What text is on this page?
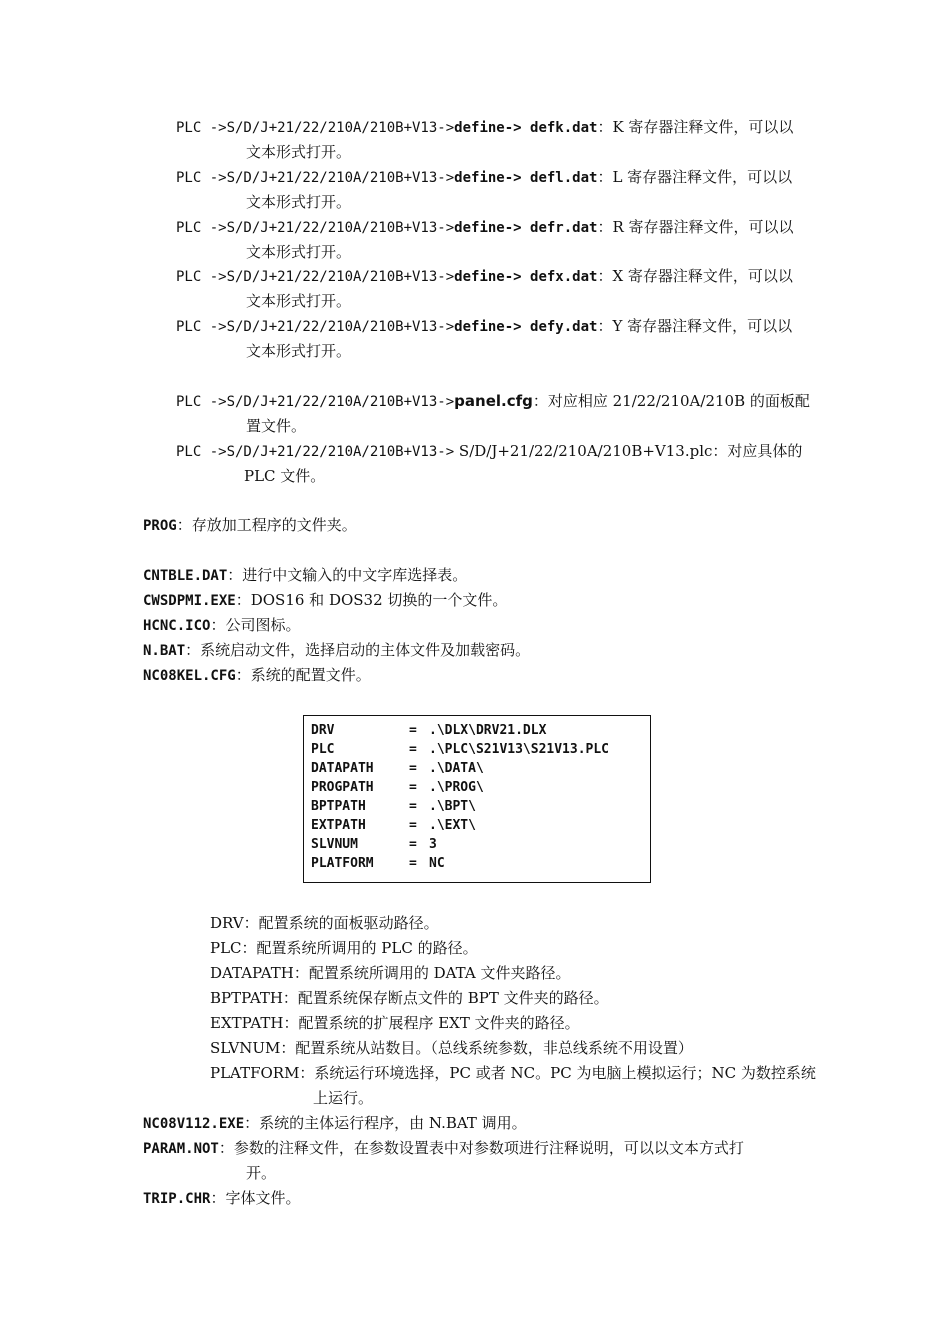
PLC ->S/D/J+21/22/210A/210B+V13->define-> defk.dat：K 寄存器注释文件，可以以
文本形式打开。
PLC ->S/D/J+21/22/210A/210B+V13->define-> defl.dat：L 寄存器注释文件，可以以
文本形式打开。
PLC ->S/D/J+21/22/210A/210B+V13->define-> defr.dat：R 寄存器注释文件，可以以
文本形式打开。
PLC ->S/D/J+21/22/210A/210B+V13->define-> defx.dat：X 寄存器注释文件，可以以
文本形式打开。
PLC ->S/D/J+21/22/210A/210B+V13->define-> defy.dat：Y 寄存器注释文件，可以以
文本形式打开。
PLC ->S/D/J+21/22/210A/210B+V13->panel.cfg：对应相应 21/22/210A/210B 的面板配
置文件。
PLC ->S/D/J+21/22/210A/210B+V13-> S/D/J+21/22/210A/210B+V13.plc：对应具体的
PLC 文件。
PROG：存放加工程序的文件夹。
CNTBLE.DAT：进行中文输入的中文字库选择表。
CWSDPMI.EXE：DOS16 和 DOS32 切换的一个文件。
HCNC.ICO：公司图标。
N.BAT：系统启动文件，选择启动的主体文件及加载密码。
NC08KEL.CFG：系统的配置文件。
DRV	= .\DLX\DRV21.DLX
PLC	= .\PLC\S21V13\S21V13.PLC
DATAPATH	= .\DATA\
PROGPATH	= .\PROG\
BPTPATH	= .\BPT\
EXTPATH	= .\EXT\
SLVNUM	= 3
PLATFORM	= NC
DRV：配置系统的面板驱动路径。
PLC：配置系统所调用的 PLC 的路径。
DATAPATH：配置系统所调用的 DATA 文件夹路径。
BPTPATH：配置系统保存断点文件的 BPT 文件夹的路径。
EXTPATH：配置系统的扩展程序 EXT 文件夹的路径。
SLVNUM：配置系统从站数目。（总线系统参数，非总线系统不用设置）
PLATFORM：系统运行环境选择，PC 或者 NC。PC 为电脑上模拟运行；NC 为数控系统
上运行。
NC08V112.EXE：系统的主体运行程序，由 N.BAT 调用。
PARAM.NOT：参数的注释文件，在参数设置表中对参数项进行注释说明，可以以文本方式打
开。
TRIP.CHR：字体文件。
